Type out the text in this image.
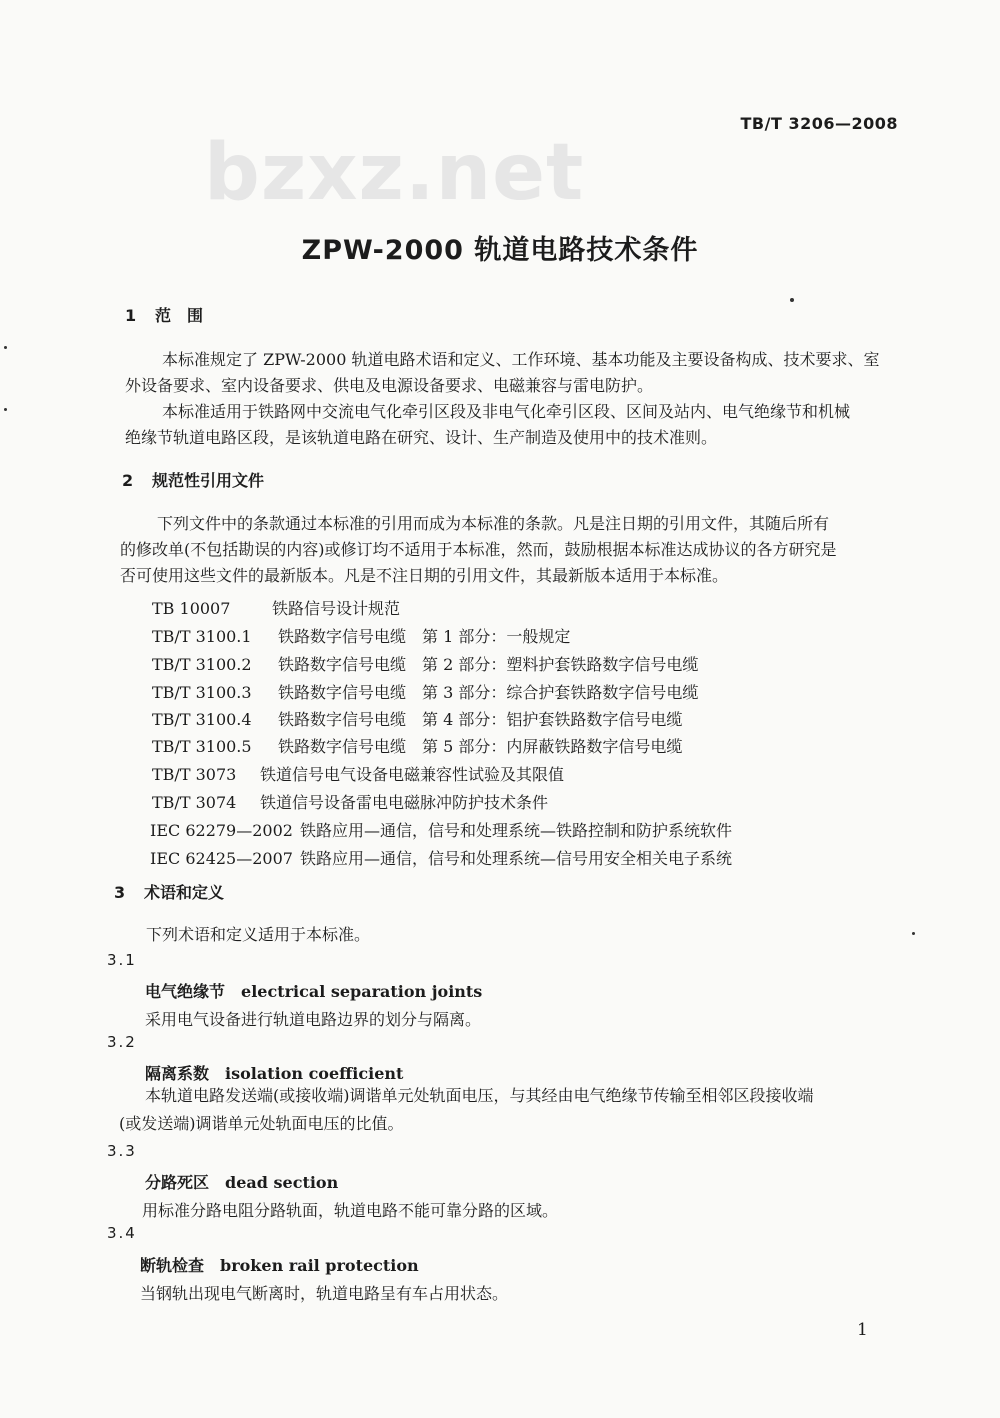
TB/T 3206—2008
bzxz.net
ZPW-2000 轨道电路技术条件
1 范　围
本标准规定了 ZPW-2000 轨道电路术语和定义、工作环境、基本功能及主要设备构成、技术要求、室
外设备要求、室内设备要求、供电及电源设备要求、电磁兼容与雷电防护。
本标准适用于铁路网中交流电气化牵引区段及非电气化牵引区段、区间及站内、电气绝缘节和机械
绝缘节轨道电路区段，是该轨道电路在研究、设计、生产制造及使用中的技术准则。
2 规范性引用文件
下列文件中的条款通过本标准的引用而成为本标准的条款。凡是注日期的引用文件，其随后所有
的修改单(不包括勘误的内容)或修订均不适用于本标准，然而，鼓励根据本标准达成协议的各方研究是
否可使用这些文件的最新版本。凡是不注日期的引用文件，其最新版本适用于本标准。
TB 10007	铁路信号设计规范
TB/T 3100.1 铁路数字信号电缆　第 1 部分：一般规定
TB/T 3100.2 铁路数字信号电缆　第 2 部分：塑料护套铁路数字信号电缆
TB/T 3100.3 铁路数字信号电缆　第 3 部分：综合护套铁路数字信号电缆
TB/T 3100.4 铁路数字信号电缆　第 4 部分：铝护套铁路数字信号电缆
TB/T 3100.5 铁路数字信号电缆　第 5 部分：内屏蔽铁路数字信号电缆
TB/T 3073 铁道信号电气设备电磁兼容性试验及其限值
TB/T 3074 铁道信号设备雷电电磁脉冲防护技术条件
IEC 62279—2002 铁路应用—通信，信号和处理系统—铁路控制和防护系统软件
IEC 62425—2007 铁路应用—通信，信号和处理系统—信号用安全相关电子系统
3 术语和定义
下列术语和定义适用于本标准。
3.1
电气绝缘节 electrical separation joints
采用电气设备进行轨道电路边界的划分与隔离。
3.2
隔离系数 isolation coefficient
本轨道电路发送端(或接收端)调谐单元处轨面电压，与其经由电气绝缘节传输至相邻区段接收端
(或发送端)调谐单元处轨面电压的比值。
3.3
分路死区 dead section
用标准分路电阻分路轨面，轨道电路不能可靠分路的区域。
3.4
断轨检查 broken rail protection
当钢轨出现电气断离时，轨道电路呈有车占用状态。
1
